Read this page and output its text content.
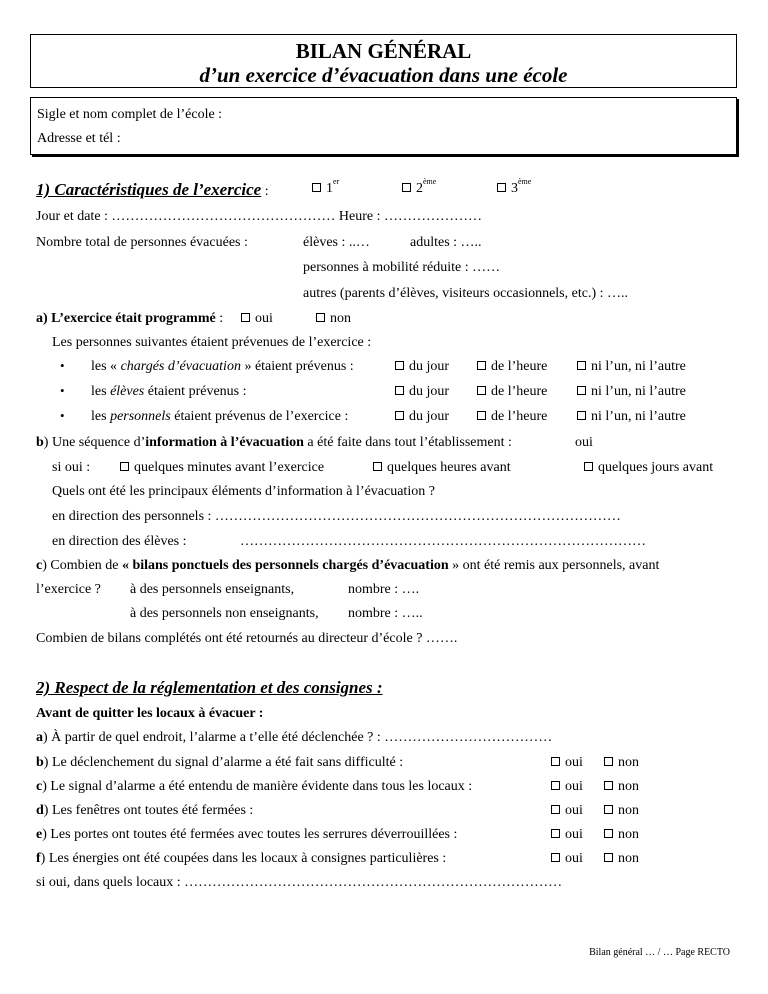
BILAN GÉNÉRAL
d’un exercice d’évacuation dans une école
Sigle et nom complet de l’école :
Adresse et tél :
1) Caractéristiques de l’exercice :	1er	2ème	3ème
Jour et date : ………………………………………… Heure : …………………
Nombre total de personnes évacuées :	élèves : ..…	adultes : …..
personnes à mobilité réduite : ……
autres (parents d’élèves, visiteurs occasionnels, etc.) : …..
a) L’exercice était programmé :	oui	non
Les personnes suivantes étaient prévenues de l’exercice :
• les « chargés d’évacuation » étaient prévenus :	du jour	de l’heure	ni l’un, ni l’autre
• les élèves étaient prévenus :	du jour	de l’heure	ni l’un, ni l’autre
• les personnels étaient prévenus de l’exercice :	du jour	de l’heure	ni l’un, ni l’autre
b) Une séquence d’information à l’évacuation a été faite dans tout l’établissement :	oui
si oui :	quelques minutes avant l’exercice	quelques heures avant	quelques jours avant
Quels ont été les principaux éléments d’information à l’évacuation ?
en direction des personnels : ……………………………………………………………………………
en direction des élèves :	……………………………………………………………………………
c) Combien de « bilans ponctuels des personnels chargés d’évacuation » ont été remis aux personnels, avant
l’exercice ? à des personnels enseignants,	nombre : ….
à des personnels non enseignants, nombre : …..
Combien de bilans complétés ont été retournés au directeur d’école ? …….
2) Respect de la réglementation et des consignes :
Avant de quitter les locaux à évacuer :
a) À partir de quel endroit, l’alarme a t’elle été déclenchée ? : ………………………………
b) Le déclenchement du signal d’alarme a été fait sans difficulté :	oui	non
c) Le signal d’alarme a été entendu de manière évidente dans tous les locaux :	oui	non
d) Les fenêtres ont toutes été fermées :	oui	non
e) Les portes ont toutes été fermées avec toutes les serrures déverrouillées :	oui	non
f) Les énergies ont été coupées dans les locaux à consignes particulières :	oui	non
si oui, dans quels locaux : ………………………………………………………………………
Bilan général … / … Page RECTO
